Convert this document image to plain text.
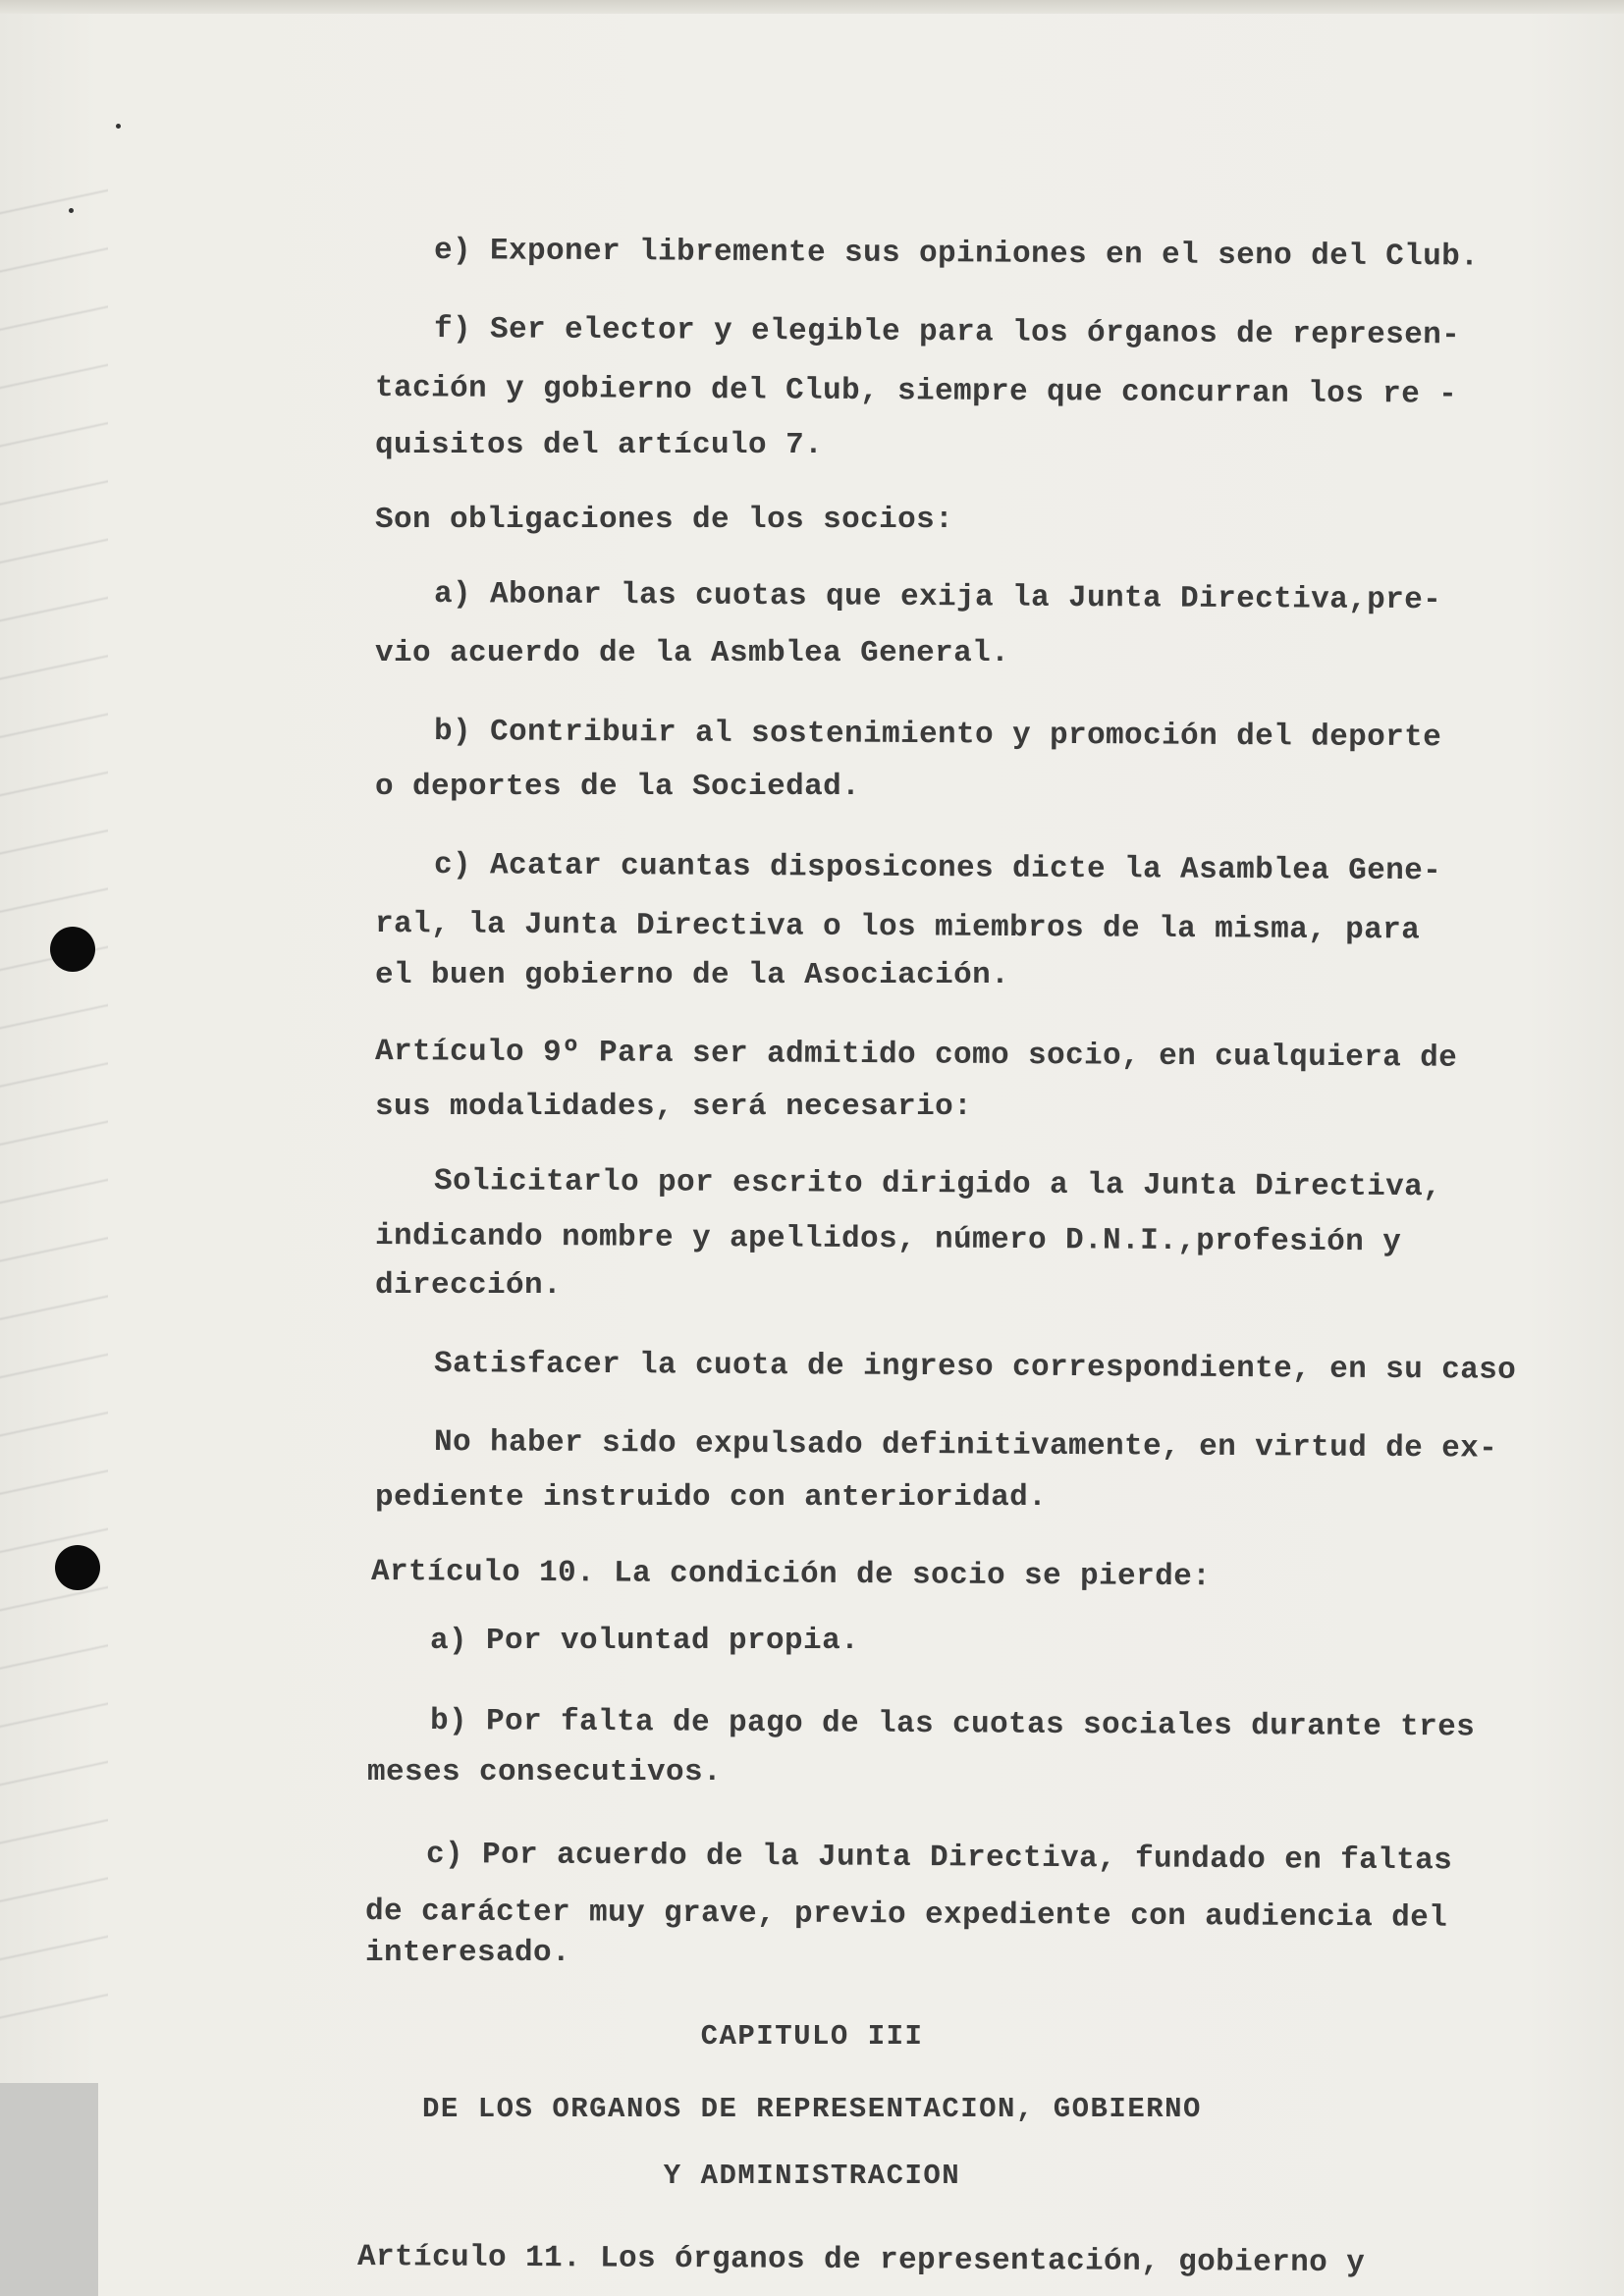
e) Exponer libremente sus opiniones en el seno del Club.
f) Ser elector y elegible para los órganos de represen-
tación y gobierno del Club, siempre que concurran los re -
quisitos del artículo 7.
Son obligaciones de los socios:
a) Abonar las cuotas que exija la Junta Directiva,pre-
vio acuerdo de la Asmblea General.
b) Contribuir al sostenimiento y promoción del deporte
o deportes de la Sociedad.
c) Acatar cuantas disposicones dicte la Asamblea Gene-
ral, la Junta Directiva o los miembros de la misma, para
el buen gobierno de la Asociación.
Artículo 9º Para ser admitido como socio, en cualquiera de
sus modalidades, será necesario:
Solicitarlo por escrito dirigido a la Junta Directiva,
indicando nombre y apellidos, número D.N.I.,profesión y
dirección.
Satisfacer la cuota de ingreso correspondiente, en su caso
No haber sido expulsado definitivamente, en virtud de ex-
pediente instruido con anterioridad.
Artículo 10. La condición de socio se pierde:
a) Por voluntad propia.
b) Por falta de pago de las cuotas sociales durante tres
meses consecutivos.
c) Por acuerdo de la Junta Directiva, fundado en faltas
de carácter muy grave, previo expediente con audiencia del
interesado.
CAPITULO III
DE LOS ORGANOS DE REPRESENTACION, GOBIERNO
Y ADMINISTRACION
Artículo 11. Los órganos de representación, gobierno y
